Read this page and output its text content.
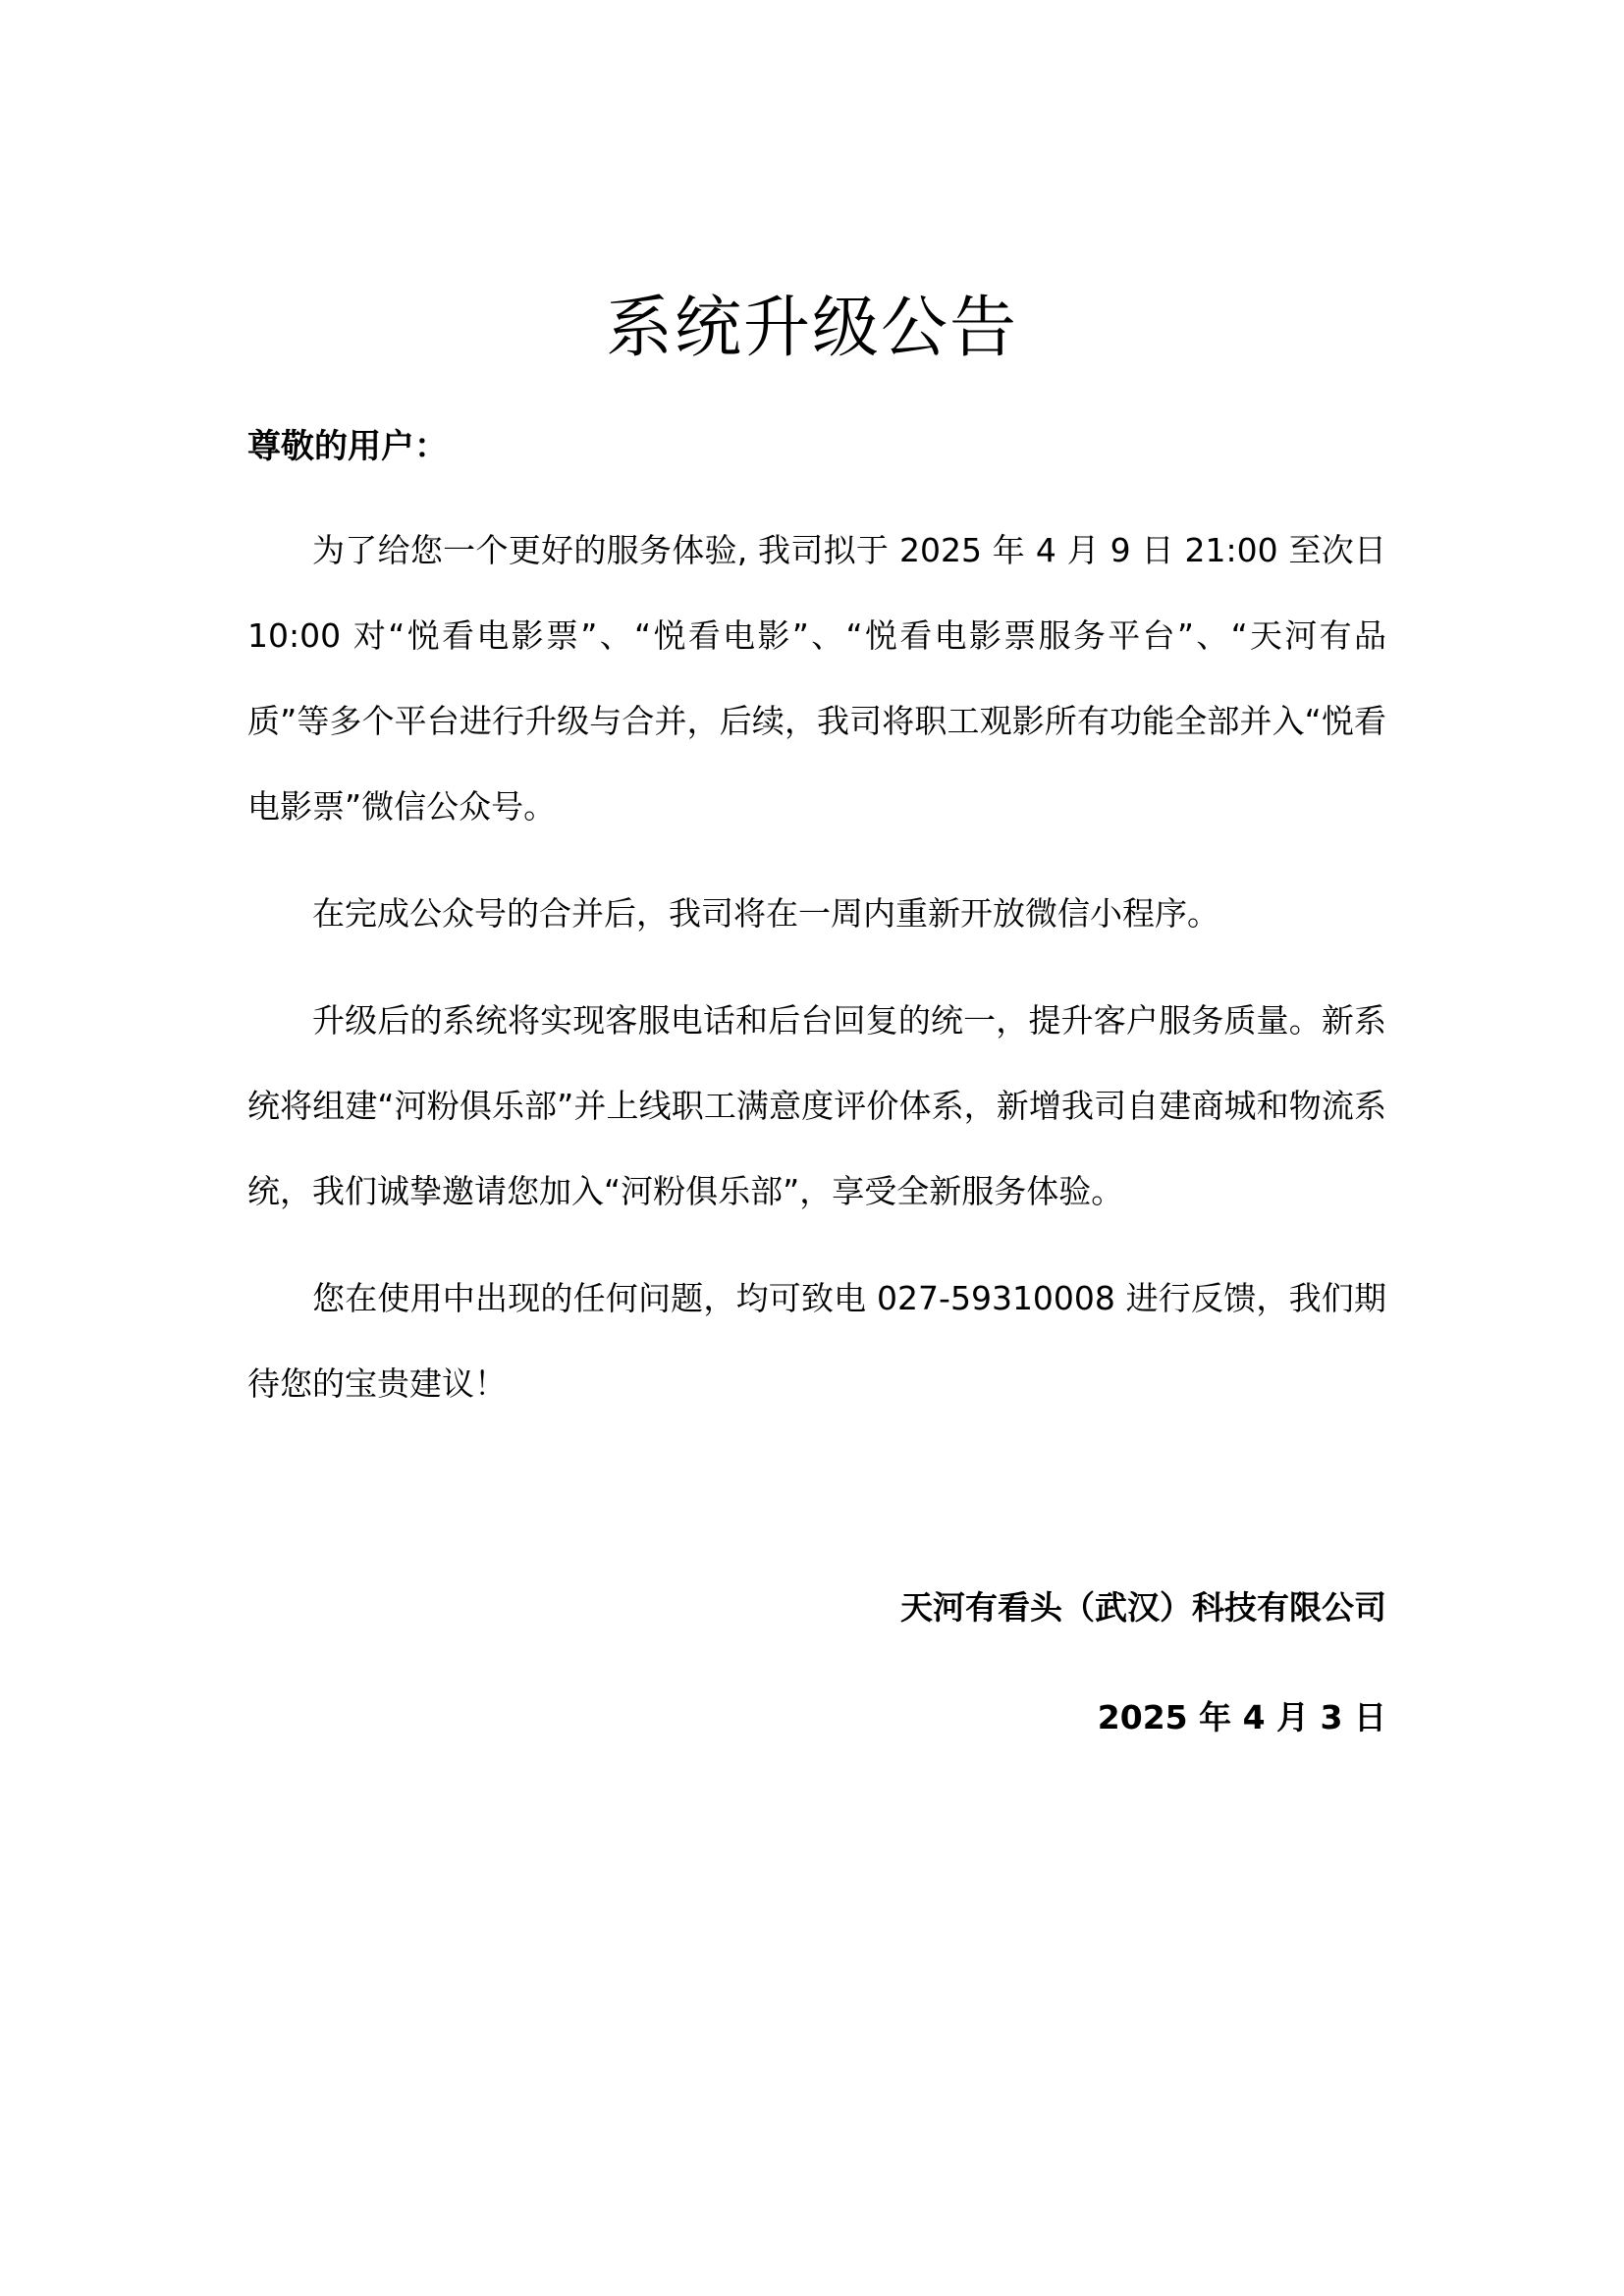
系统升级公告

尊敬的用户：

为了给您一个更好的服务体验, 我司拟于 2025 年 4 月 9 日 21:00 至次日 10:00 对“悦看电影票”、“悦看电影”、“悦看电影票服务平台”、“天河有品质”等多个平台进行升级与合并，后续，我司将职工观影所有功能全部并入“悦看电影票”微信公众号。

在完成公众号的合并后，我司将在一周内重新开放微信小程序。

升级后的系统将实现客服电话和后台回复的统一，提升客户服务质量。新系统将组建“河粉俱乐部”并上线职工满意度评价体系，新增我司自建商城和物流系统，我们诚挚邀请您加入“河粉俱乐部”，享受全新服务体验。

您在使用中出现的任何问题，均可致电 027-59310008 进行反馈，我们期待您的宝贵建议！

天河有看头（武汉）科技有限公司

2025 年 4 月 3 日
